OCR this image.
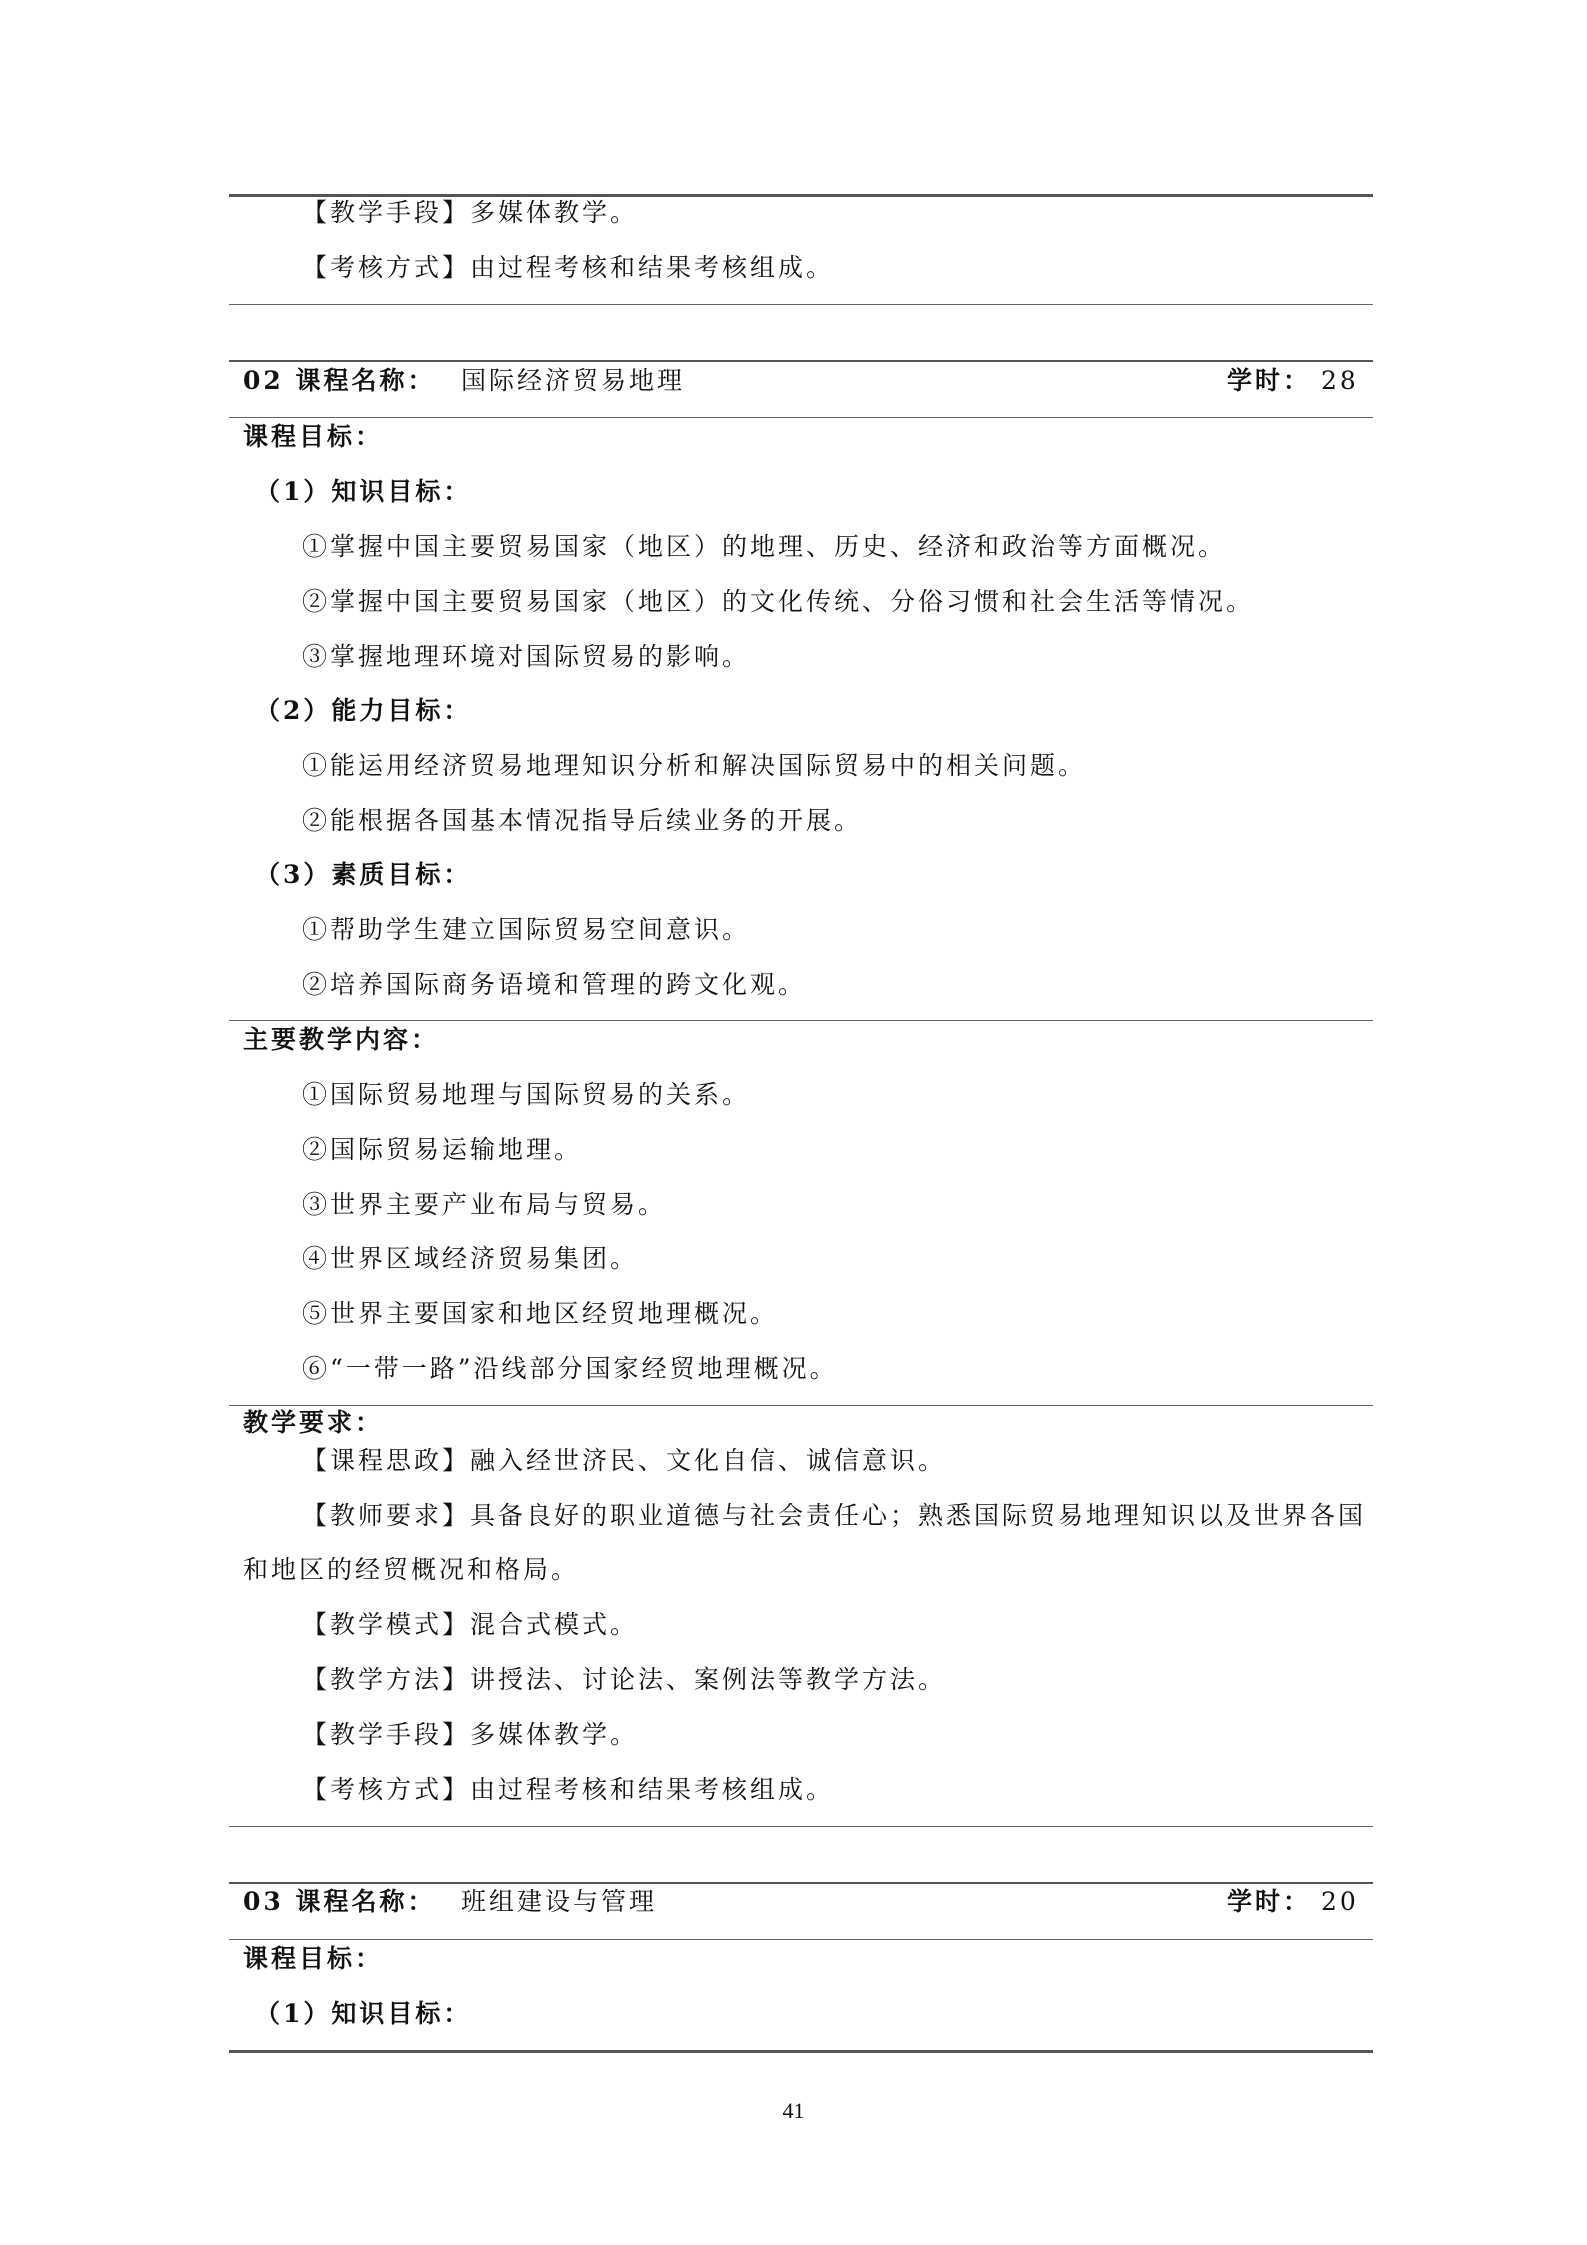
【教学手段】多媒体教学。
【考核方式】由过程考核和结果考核组成。
02 课程名称： 国际经济贸易地理	学时： 28
课程目标：
（1）知识目标：
①掌握中国主要贸易国家（地区）的地理、历史、经济和政治等方面概况。
②掌握中国主要贸易国家（地区）的文化传统、分俗习惯和社会生活等情况。
③掌握地理环境对国际贸易的影响。
（2）能力目标：
①能运用经济贸易地理知识分析和解决国际贸易中的相关问题。
②能根据各国基本情况指导后续业务的开展。
（3）素质目标：
①帮助学生建立国际贸易空间意识。
②培养国际商务语境和管理的跨文化观。
主要教学内容：
①国际贸易地理与国际贸易的关系。
②国际贸易运输地理。
③世界主要产业布局与贸易。
④世界区域经济贸易集团。
⑤世界主要国家和地区经贸地理概况。
⑥“一带一路”沿线部分国家经贸地理概况。
教学要求：
【课程思政】融入经世济民、文化自信、诚信意识。
【教师要求】具备良好的职业道德与社会责任心；熟悉国际贸易地理知识以及世界各国
和地区的经贸概况和格局。
【教学模式】混合式模式。
【教学方法】讲授法、讨论法、案例法等教学方法。
【教学手段】多媒体教学。
【考核方式】由过程考核和结果考核组成。
03 课程名称： 班组建设与管理	学时： 20
课程目标：
（1）知识目标：
41
